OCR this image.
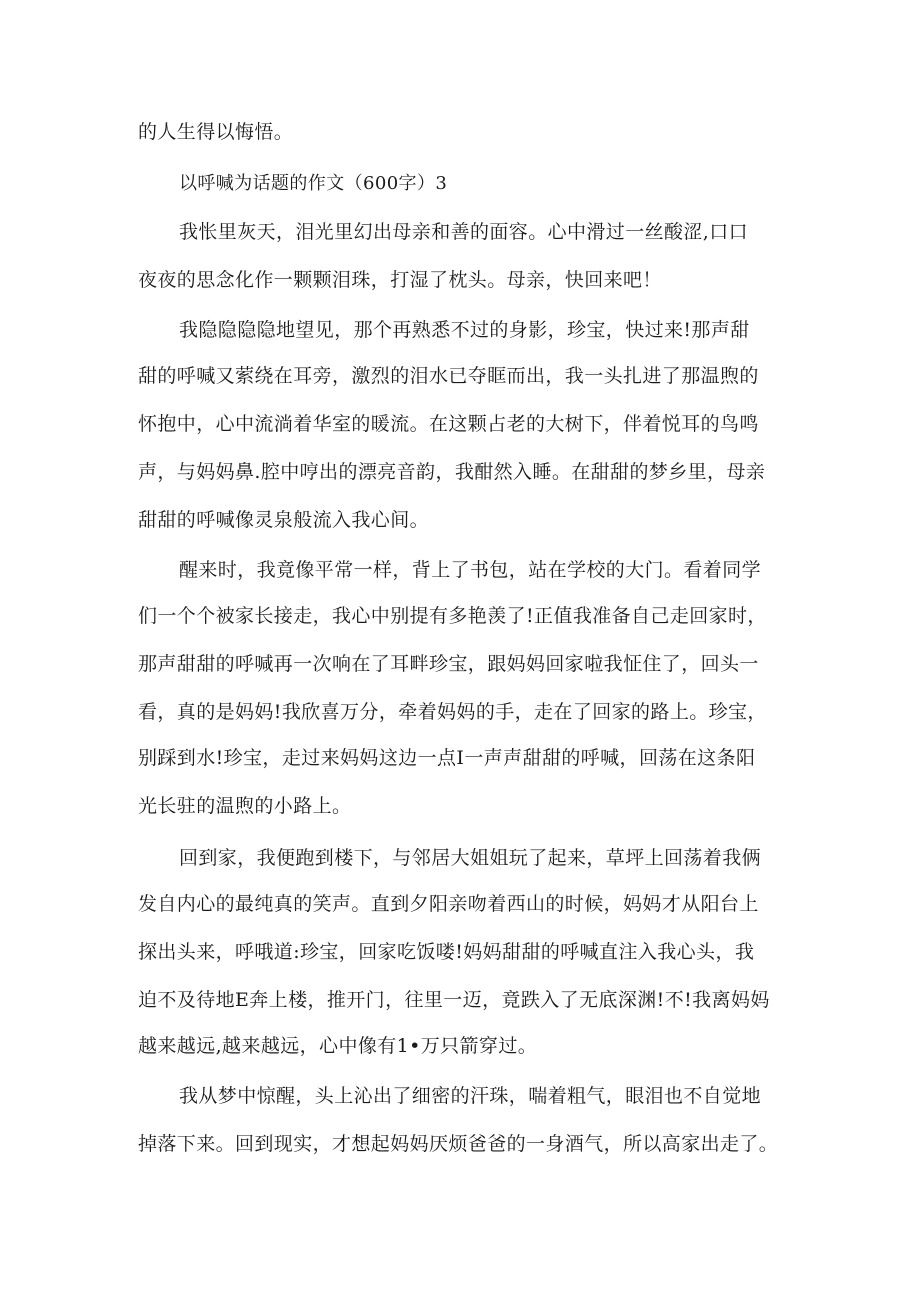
的人生得以悔悟。

以呼喊为话题的作文（600字）3

我怅里灰天，泪光里幻出母亲和善的面容。心中滑过一丝酸涩,口口

夜夜的思念化作一颗颗泪珠，打湿了枕头。母亲，快回来吧！

我隐隐隐隐地望见，那个再熟悉不过的身影，珍宝，快过来!那声甜

甜的呼喊又萦绕在耳旁，激烈的泪水已夺眶而出，我一头扎进了那温煦的

怀抱中，心中流淌着华室的暖流。在这颗占老的大树下，伴着悦耳的鸟鸣

声，与妈妈鼻.腔中哼出的漂亮音韵，我酣然入睡。在甜甜的梦乡里，母亲

甜甜的呼喊像灵泉般流入我心间。

醒来时，我竟像平常一样，背上了书包，站在学校的大门。看着同学

们一个个被家长接走，我心中别提有多艳羡了!正值我准备自己走回家时，

那声甜甜的呼喊再一次响在了耳畔珍宝，跟妈妈回家啦我怔住了，回头一

看，真的是妈妈!我欣喜万分，牵着妈妈的手，走在了回家的路上。珍宝，

别踩到水!珍宝，走过来妈妈这边一点I一声声甜甜的呼喊，回荡在这条阳

光长驻的温煦的小路上。

回到家，我便跑到楼下，与邻居大姐姐玩了起来，草坪上回荡着我俩

发自内心的最纯真的笑声。直到夕阳亲吻着西山的时候，妈妈才从阳台上

探出头来，呼哦道:珍宝，回家吃饭喽!妈妈甜甜的呼喊直注入我心头，我

迫不及待地E奔上楼，推开门，往里一迈，竟跌入了无底深渊!不!我离妈妈

越来越远,越来越远，心中像有1•万只箭穿过。

我从梦中惊醒，头上沁出了细密的汗珠，喘着粗气，眼泪也不自觉地

掉落下来。回到现实，才想起妈妈厌烦爸爸的一身酒气，所以高家出走了。
